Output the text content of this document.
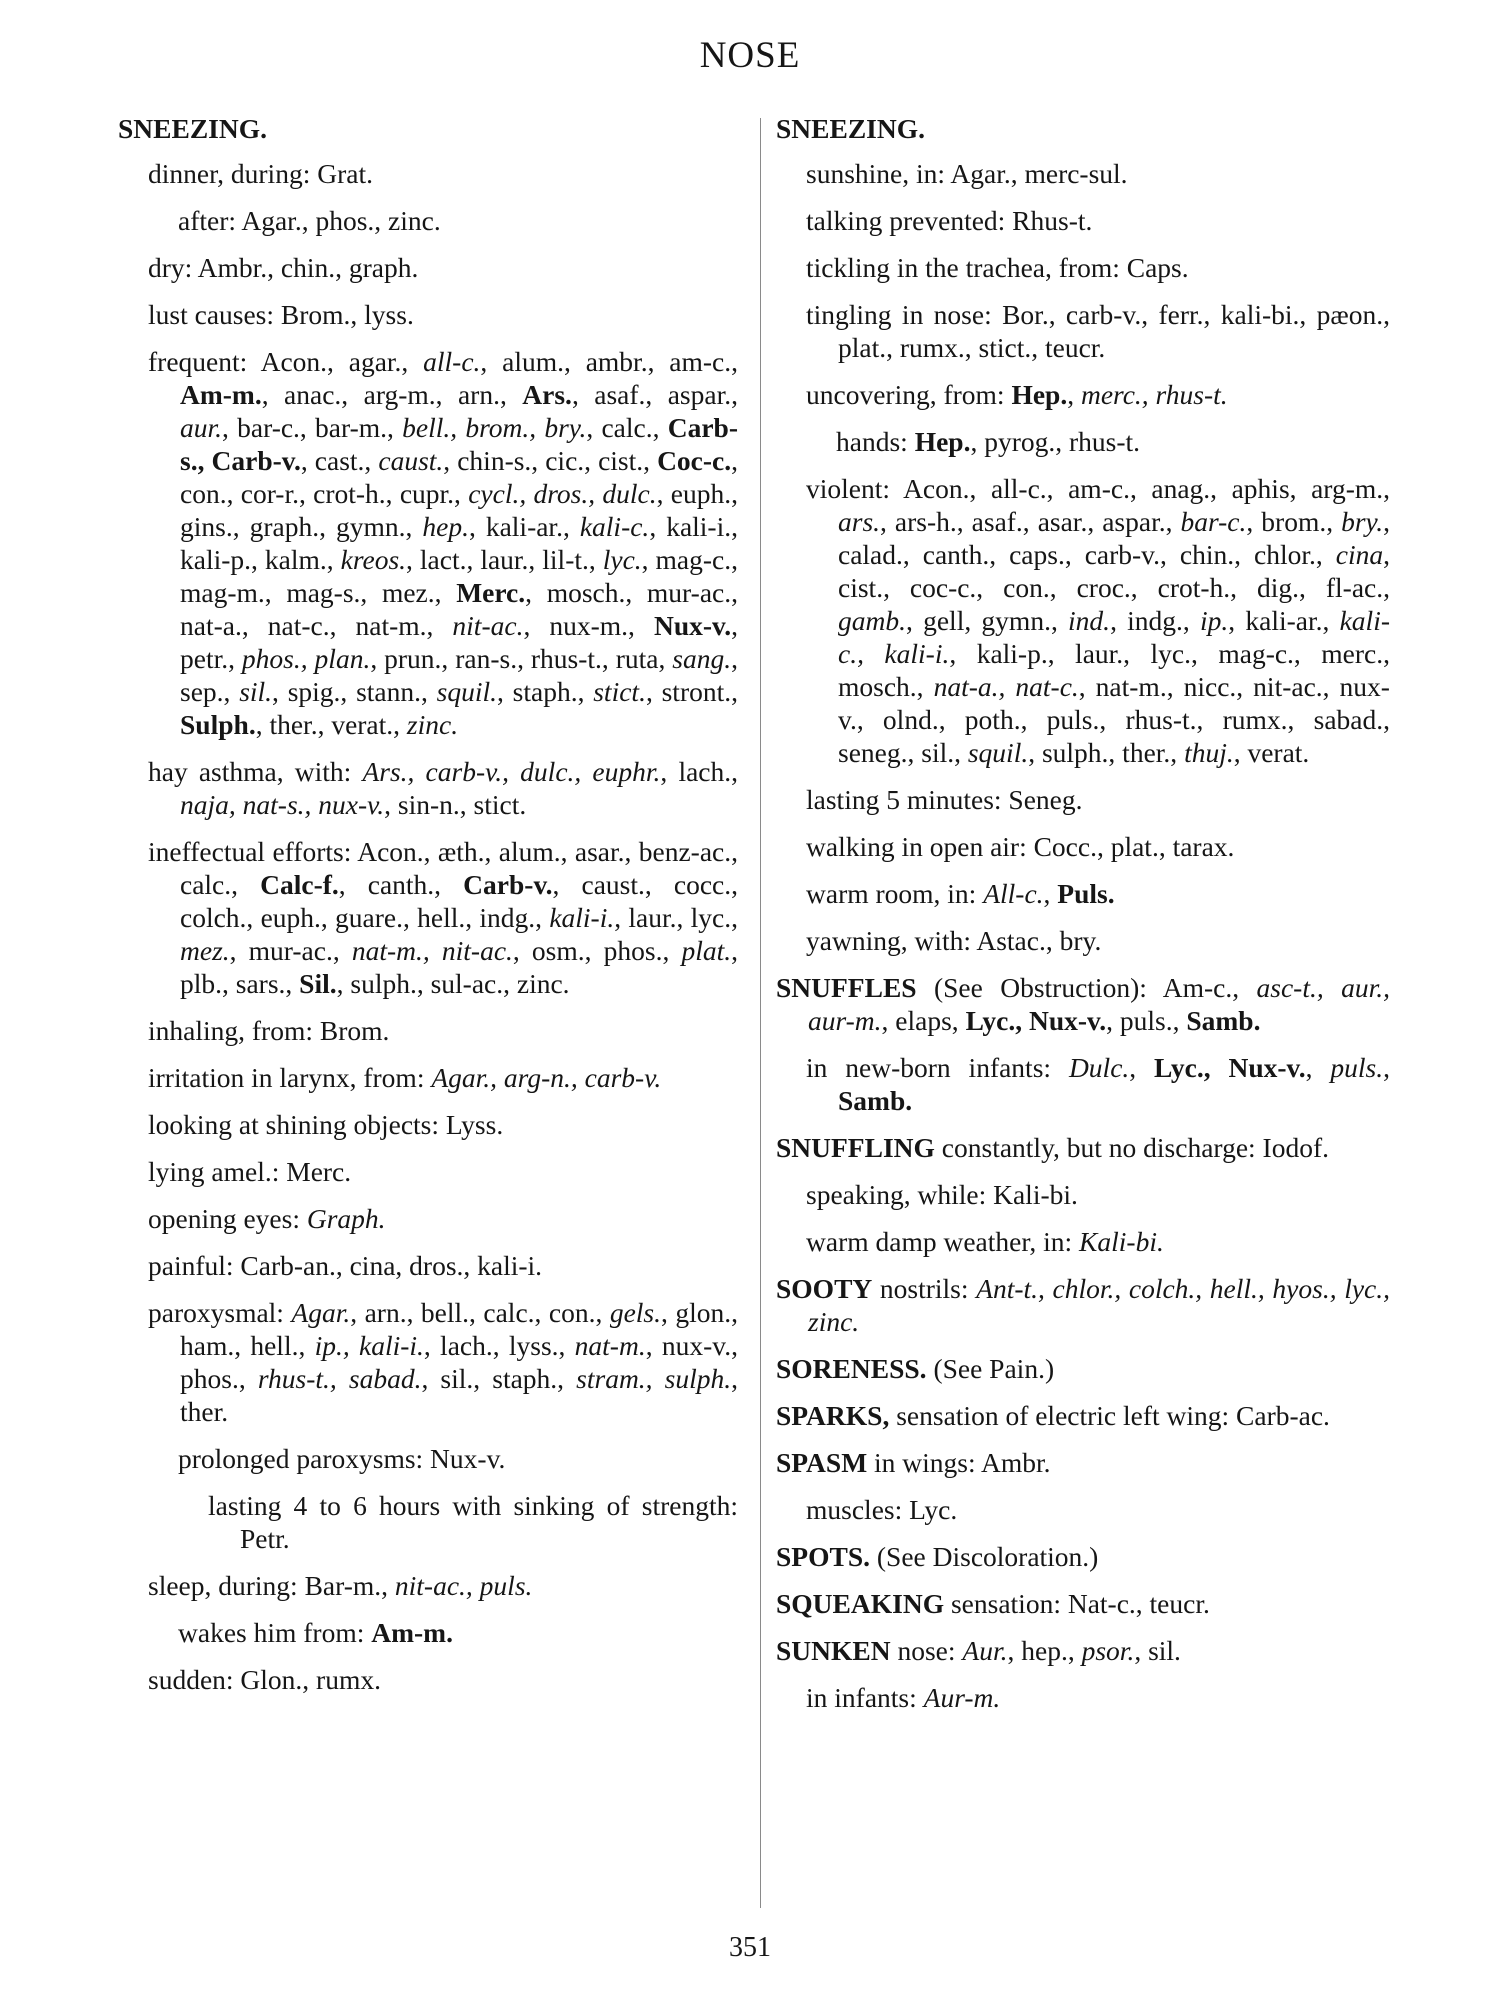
NOSE
SNEEZING.
dinner, during: Grat.
after: Agar., phos., zinc.
dry: Ambr., chin., graph.
lust causes: Brom., lyss.
frequent: Acon., agar., all-c., alum., ambr., am-c., Am-m., anac., arg-m., arn., Ars., asaf., aspar., aur., bar-c., bar-m., bell., brom., bry., calc., Carb-s., Carb-v., cast., caust., chin-s., cic., cist., Coc-c., con., cor-r., crot-h., cupr., cycl., dros., dulc., euph., gins., graph., gymn., hep., kali-ar., kali-c., kali-i., kali-p., kalm., kreos., lact., laur., lil-t., lyc., mag-c., mag-m., mag-s., mez., Merc., mosch., mur-ac., nat-a., nat-c., nat-m., nit-ac., nux-m., Nux-v., petr., phos., plan., prun., ran-s., rhus-t., ruta, sang., sep., sil., spig., stann., squil., staph., stict., stront., Sulph., ther., verat., zinc.
hay asthma, with: Ars., carb-v., dulc., euphr., lach., naja, nat-s., nux-v., sin-n., stict.
ineffectual efforts: Acon., æth., alum., asar., benz-ac., calc., Calc-f., canth., Carb-v., caust., cocc., colch., euph., guare., hell., indg., kali-i., laur., lyc., mez., mur-ac., nat-m., nit-ac., osm., phos., plat., plb., sars., Sil., sulph., sul-ac., zinc.
inhaling, from: Brom.
irritation in larynx, from: Agar., arg-n., carb-v.
looking at shining objects: Lyss.
lying amel.: Merc.
opening eyes: Graph.
painful: Carb-an., cina, dros., kali-i.
paroxysmal: Agar., arn., bell., calc., con., gels., glon., ham., hell., ip., kali-i., lach., lyss., nat-m., nux-v., phos., rhus-t., sabad., sil., staph., stram., sulph., ther.
prolonged paroxysms: Nux-v.
lasting 4 to 6 hours with sinking of strength: Petr.
sleep, during: Bar-m., nit-ac., puls.
wakes him from: Am-m.
sudden: Glon., rumx.
SNEEZING.
sunshine, in: Agar., merc-sul.
talking prevented: Rhus-t.
tickling in the trachea, from: Caps.
tingling in nose: Bor., carb-v., ferr., kali-bi., pæon., plat., rumx., stict., teucr.
uncovering, from: Hep., merc., rhus-t.
hands: Hep., pyrog., rhus-t.
violent: Acon., all-c., am-c., anag., aphis, arg-m., ars., ars-h., asaf., asar., aspar., bar-c., brom., bry., calad., canth., caps., carb-v., chin., chlor., cina, cist., coc-c., con., croc., crot-h., dig., fl-ac., gamb., gell, gymn., ind., indg., ip., kali-ar., kali-c., kali-i., kali-p., laur., lyc., mag-c., merc., mosch., nat-a., nat-c., nat-m., nicc., nit-ac., nux-v., olnd., poth., puls., rhus-t., rumx., sabad., seneg., sil., squil., sulph., ther., thuj., verat.
lasting 5 minutes: Seneg.
walking in open air: Cocc., plat., tarax.
warm room, in: All-c., Puls.
yawning, with: Astac., bry.
SNUFFLES (See Obstruction): Am-c., asc-t., aur., aur-m., elaps, Lyc., Nux-v., puls., Samb.
in new-born infants: Dulc., Lyc., Nux-v., puls., Samb.
SNUFFLING constantly, but no discharge: Iodof.
speaking, while: Kali-bi.
warm damp weather, in: Kali-bi.
SOOTY nostrils: Ant-t., chlor., colch., hell., hyos., lyc., zinc.
SORENESS. (See Pain.)
SPARKS, sensation of electric left wing: Carb-ac.
SPASM in wings: Ambr.
muscles: Lyc.
SPOTS. (See Discoloration.)
SQUEAKING sensation: Nat-c., teucr.
SUNKEN nose: Aur., hep., psor., sil.
in infants: Aur-m.
351
